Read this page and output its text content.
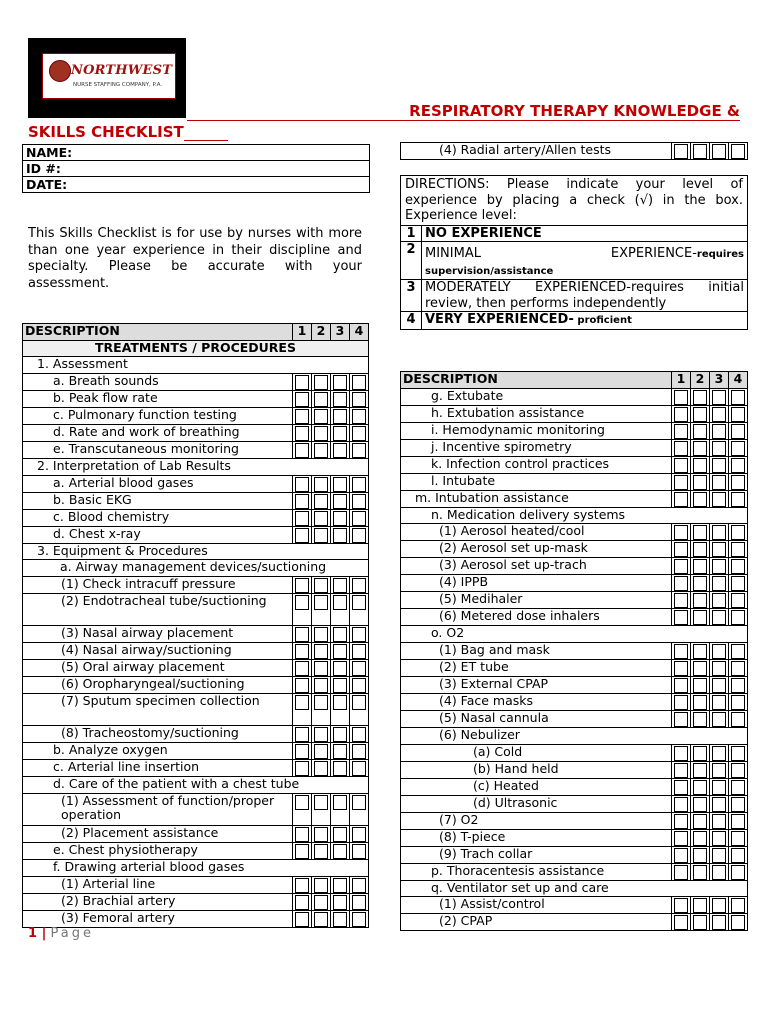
NORTHWEST
NURSE STAFFING COMPANY, P.A.
RESPIRATORY THERAPY KNOWLEDGE &
SKILLS CHECKLIST
NAME:
ID #:
DATE:
This Skills Checklist is for use by nurses with more than one year experience in their discipline and specialty. Please be accurate with your assessment.
DESCRIPTION	1	2	3	4
TREATMENTS / PROCEDURES				
1. Assessment				
a. Breath sounds	

b. Peak flow rate	

c. Pulmonary function testing	

d. Rate and work of breathing	

e. Transcutaneous monitoring	

2. Interpretation of Lab Results				
a. Arterial blood gases	

b. Basic EKG	

c. Blood chemistry	

d. Chest x-ray	

3. Equipment & Procedures				
a. Airway management devices/suctioning				
(1) Check intracuff pressure	

(2) Endotracheal tube/suctioning	

(3) Nasal airway placement	

(4) Nasal airway/suctioning	

(5) Oral airway placement	

(6) Oropharyngeal/suctioning	

(7) Sputum specimen collection	

(8) Tracheostomy/suctioning	

b. Analyze oxygen	

c. Arterial line insertion	

d. Care of the patient with a chest tube				
(1) Assessment of function/proper operation	

(2) Placement assistance	

e. Chest physiotherapy	

f. Drawing arterial blood gases				
(1) Arterial line	

(2) Brachial artery	

(3) Femoral artery	

(4) Radial artery/Allen tests	

DIRECTIONS: Please indicate your level of experience by placing a check (√) in the box. Experience level:	
1	NO EXPERIENCE
2	MINIMAL EXPERIENCE-requires supervision/assistance
3	MODERATELY EXPERIENCED-requires initial review, then performs independently
4	VERY EXPERIENCED- proficient
DESCRIPTION	1	2	3	4
g. Extubate	

h. Extubation assistance	

i. Hemodynamic monitoring	

j. Incentive spirometry	

k. Infection control practices	

l. Intubate	

m. Intubation assistance	

n. Medication delivery systems				
(1) Aerosol heated/cool	

(2) Aerosol set up-mask	

(3) Aerosol set up-trach	

(4) IPPB	

(5) Medihaler	

(6) Metered dose inhalers	

o. O2				
(1) Bag and mask	

(2) ET tube	

(3) External CPAP	

(4) Face masks	

(5) Nasal cannula	

(6) Nebulizer				
(a) Cold	

(b) Hand held	

(c) Heated	

(d) Ultrasonic	

(7) O2	

(8) T-piece	

(9) Trach collar	

p. Thoracentesis assistance	

q. Ventilator set up and care				
(1) Assist/control	

(2) CPAP	

1 | Page
